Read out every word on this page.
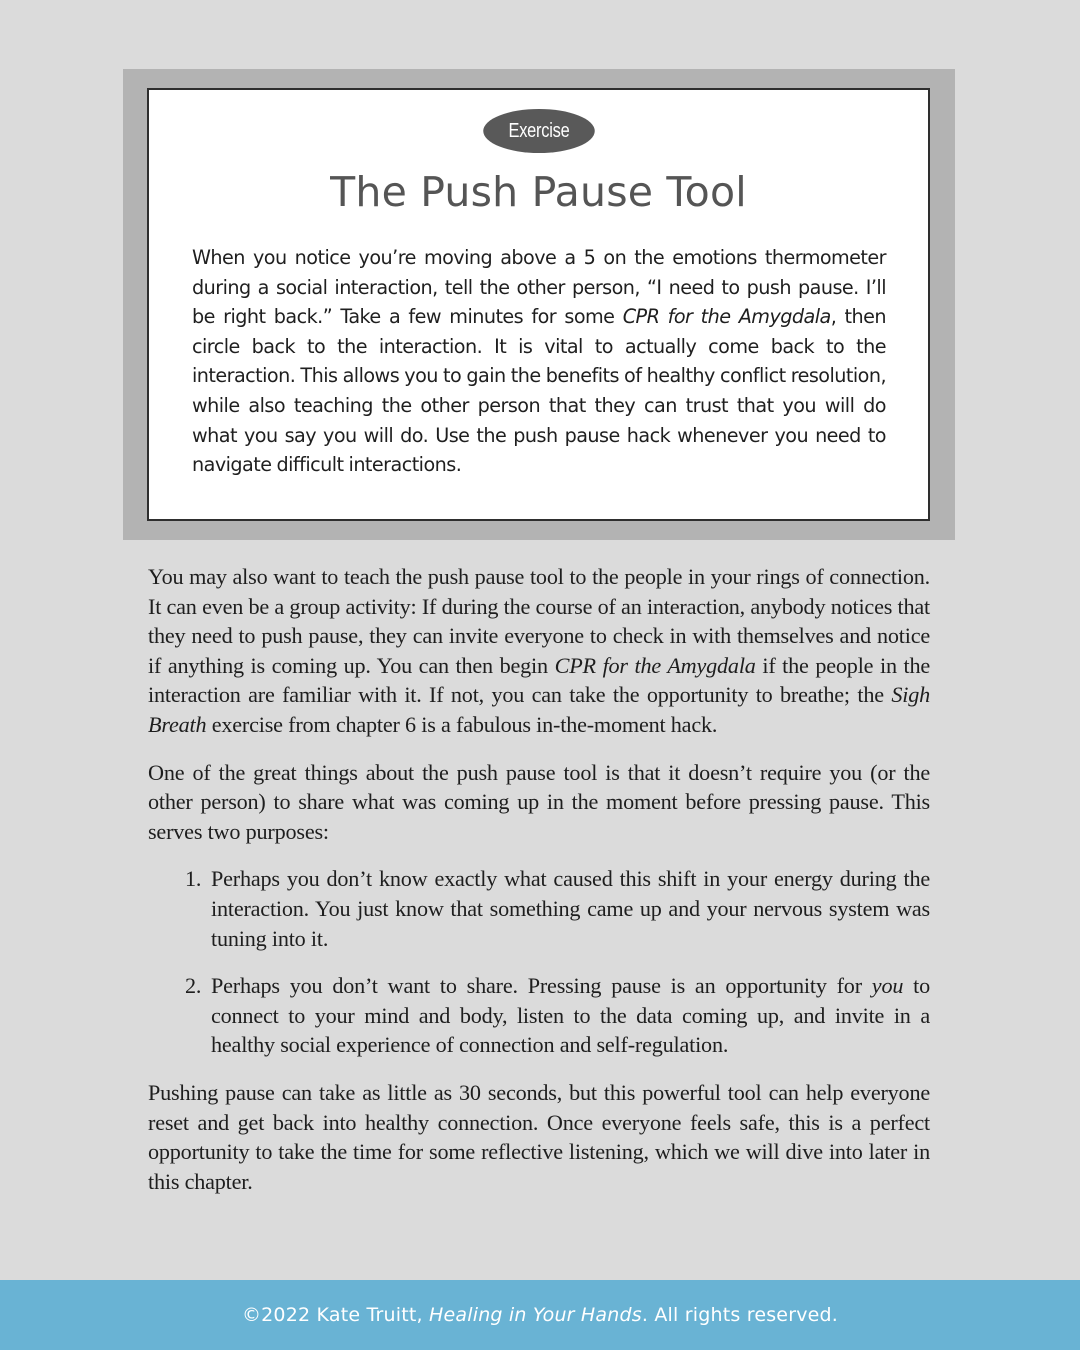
Exercise
The Push Pause Tool

When you notice you’re moving above a 5 on the emotions thermometer during a social interaction, tell the other person, “I need to push pause. I’ll be right back.” Take a few minutes for some CPR for the Amygdala, then circle back to the interaction. It is vital to actually come back to the interaction. This allows you to gain the benefits of healthy conflict resolution, while also teaching the other person that they can trust that you will do what you say you will do. Use the push pause hack whenever you need to navigate difficult interactions.

You may also want to teach the push pause tool to the people in your rings of connection. It can even be a group activity: If during the course of an interaction, anybody notices that they need to push pause, they can invite everyone to check in with themselves and notice if anything is coming up. You can then begin CPR for the Amygdala if the people in the interaction are familiar with it. If not, you can take the opportunity to breathe; the Sigh Breath exercise from chapter 6 is a fabulous in-the-moment hack.

One of the great things about the push pause tool is that it doesn’t require you (or the other person) to share what was coming up in the moment before pressing pause. This serves two purposes:

1. Perhaps you don’t know exactly what caused this shift in your energy during the interaction. You just know that something came up and your nervous system was tuning into it.
2. Perhaps you don’t want to share. Pressing pause is an opportunity for you to connect to your mind and body, listen to the data coming up, and invite in a healthy social experience of connection and self-regulation.

Pushing pause can take as little as 30 seconds, but this powerful tool can help everyone reset and get back into healthy connection. Once everyone feels safe, this is a perfect opportunity to take the time for some reflective listening, which we will dive into later in this chapter.

©2022 Kate Truitt, Healing in Your Hands. All rights reserved.
